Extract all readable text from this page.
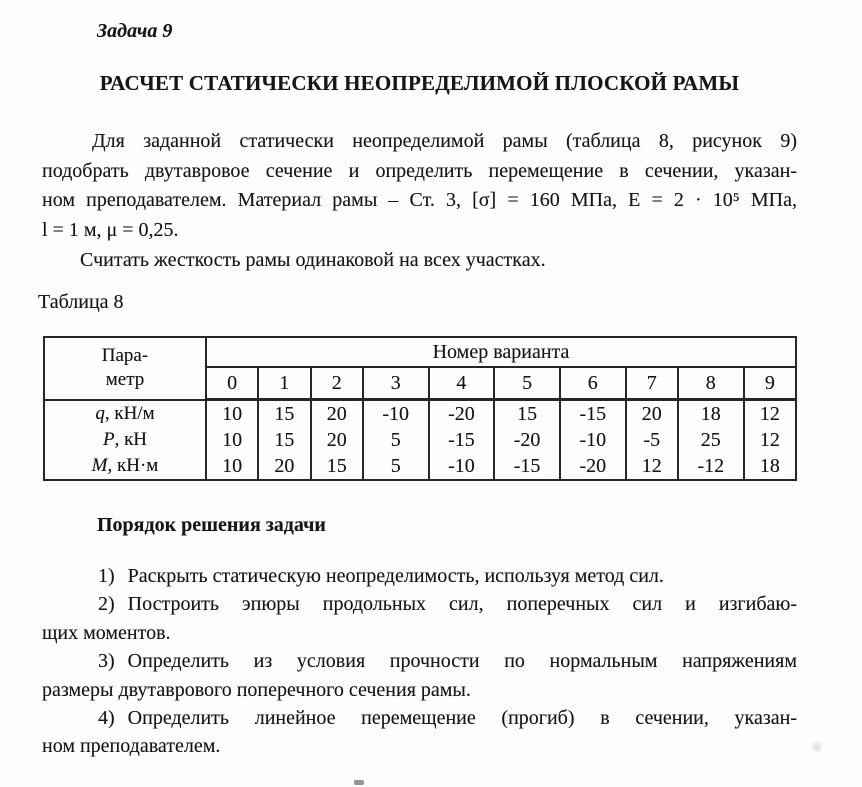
Задача 9
РАСЧЕТ СТАТИЧЕСКИ НЕОПРЕДЕЛИМОЙ ПЛОСКОЙ РАМЫ
Для заданной статически неопределимой рамы (таблица 8, рисунок 9)
подобрать двутавровое сечение и определить перемещение в сечении, указан-
ном преподавателем. Материал рамы – Ст. 3, [σ] = 160 МПа, E = 2 · 10⁵ МПа,
l = 1 м, μ = 0,25.
Считать жесткость рамы одинаковой на всех участках.
Таблица 8
Пара-
метр	Номер варианта									
	0	1	2	3	4	5	6	7	8	9
q, кН/м	10	15	20	-10	-20	15	-15	20	18	12
P, кН	10	15	20	5	-15	-20	-10	-5	25	12
M, кН·м	10	20	15	5	-10	-15	-20	12	-12	18
Порядок решения задачи
1) Раскрыть статическую неопределимость, используя метод сил.
2) Построить эпюры продольных сил, поперечных сил и изгибаю-
щих моментов.
3) Определить из условия прочности по нормальным напряжениям
размеры двутаврового поперечного сечения рамы.
4) Определить линейное перемещение (прогиб) в сечении, указан-
ном преподавателем.
